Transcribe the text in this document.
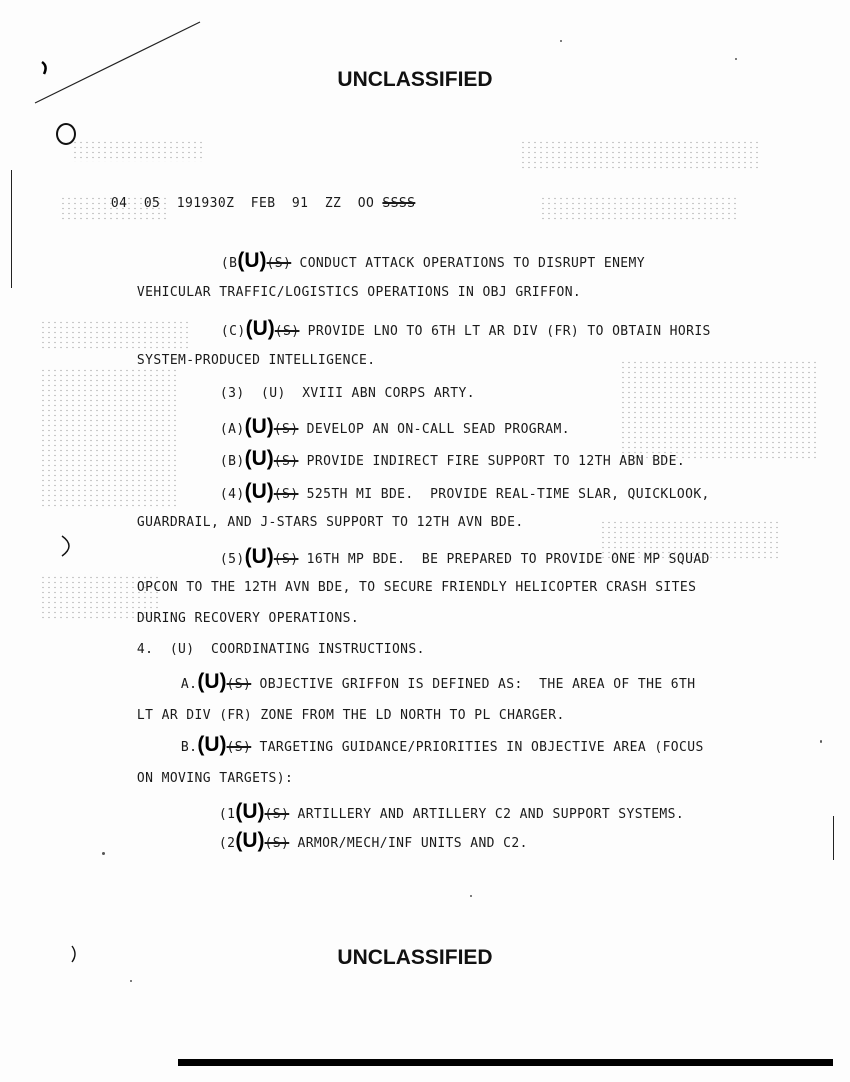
UNCLASSIFIED

04  05  191930Z  FEB  91  ZZ  OO SSSS

(B(U)(S) CONDUCT ATTACK OPERATIONS TO DISRUPT ENEMY

VEHICULAR TRAFFIC/LOGISTICS OPERATIONS IN OBJ GRIFFON.

(C)(U)(S) PROVIDE LNO TO 6TH LT AR DIV (FR) TO OBTAIN HORIS

SYSTEM-PRODUCED INTELLIGENCE.

(3)  (U)  XVIII ABN CORPS ARTY.

(A)(U)(S) DEVELOP AN ON-CALL SEAD PROGRAM.

(B)(U)(S) PROVIDE INDIRECT FIRE SUPPORT TO 12TH ABN BDE.

(4)(U)(S) 525TH MI BDE.  PROVIDE REAL-TIME SLAR, QUICKLOOK,

GUARDRAIL, AND J-STARS SUPPORT TO 12TH AVN BDE.

(5)(U)(S) 16TH MP BDE.  BE PREPARED TO PROVIDE ONE MP SQUAD

OPCON TO THE 12TH AVN BDE, TO SECURE FRIENDLY HELICOPTER CRASH SITES

DURING RECOVERY OPERATIONS.

4.  (U)  COORDINATING INSTRUCTIONS.

A.(U)(S) OBJECTIVE GRIFFON IS DEFINED AS:  THE AREA OF THE 6TH

LT AR DIV (FR) ZONE FROM THE LD NORTH TO PL CHARGER.

B.(U)(S) TARGETING GUIDANCE/PRIORITIES IN OBJECTIVE AREA (FOCUS

ON MOVING TARGETS):

(1(U)(S) ARTILLERY AND ARTILLERY C2 AND SUPPORT SYSTEMS.

(2(U)(S) ARMOR/MECH/INF UNITS AND C2.

UNCLASSIFIED
